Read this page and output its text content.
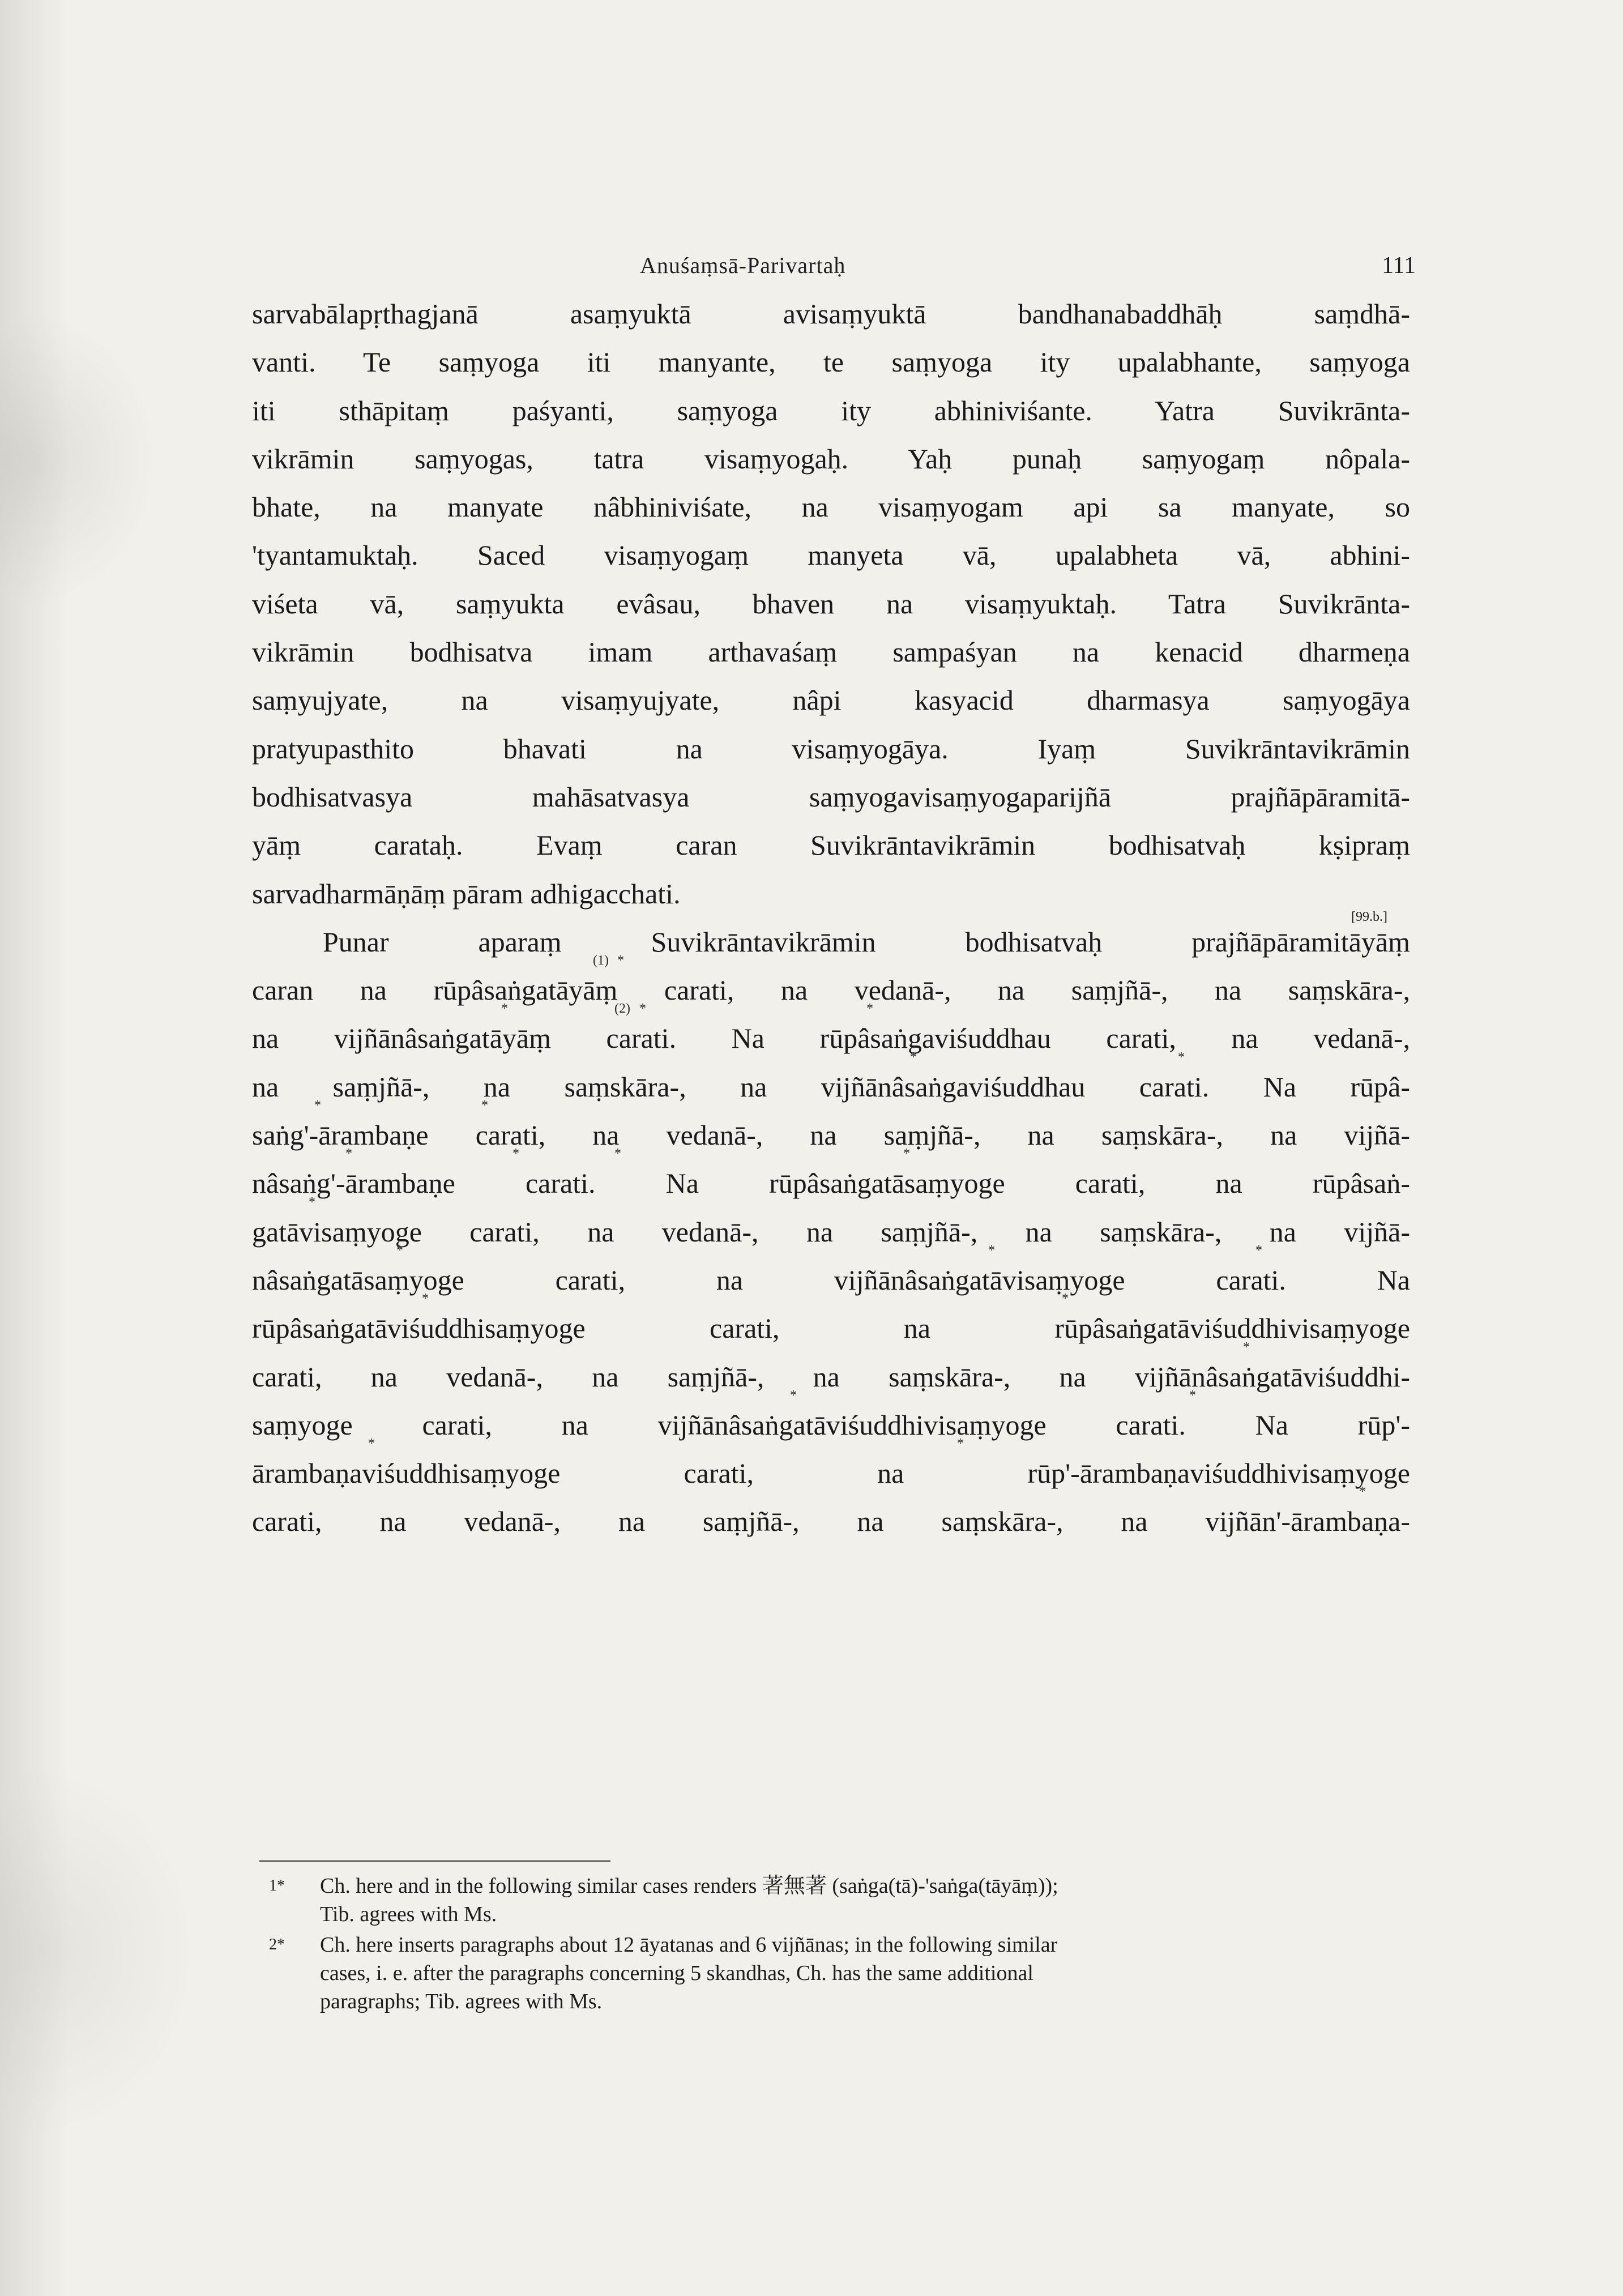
Anuśaṃsā-Parivartaḥ	111
sarvabālapṛthagjanā asaṃyuktā avisaṃyuktā bandhanabaddhāḥ saṃdhā-
vanti. Te saṃyoga iti manyante, te saṃyoga ity upalabhante, saṃyoga
iti sthāpitaṃ paśyanti, saṃyoga ity abhiniviśante. Yatra Suvikrānta-
vikrāmin saṃyogas, tatra visaṃyogaḥ. Yaḥ punaḥ saṃyogaṃ nôpala-
bhate, na manyate nâbhiniviśate, na visaṃyogam api sa manyate, so
'tyantamuktaḥ. Saced visaṃyogaṃ manyeta vā, upalabheta vā, abhini-
viśeta vā, saṃyukta evâsau, bhaven na visaṃyuktaḥ. Tatra Suvikrānta-
vikrāmin bodhisatva imam arthavaśaṃ sampaśyan na kenacid dharmeṇa
saṃyujyate, na visaṃyujyate, nâpi kasyacid dharmasya saṃyogāya
pratyupasthito bhavati na visaṃyogāya. Iyaṃ Suvikrāntavikrāmin
bodhisatvasya mahāsatvasya saṃyogavisaṃyogaparijñā prajñāpāramitā-
yāṃ carataḥ. Evaṃ caran Suvikrāntavikrāmin bodhisatvaḥ kṣipraṃ
sarvadharmāṇāṃ pāram adhigacchati.
[99.b.]
Punar aparaṃ Suvikrāntavikrāmin bodhisatvaḥ prajñāpāramitāyāṃ
(1) *
caran na rūpâsaṅgatāyāṃ carati, na vedanā-, na saṃjñā-, na saṃskāra-,
*	(2) *	*
na vijñānâsaṅgatāyāṃ carati. Na rūpâsaṅgaviśuddhau carati, na vedanā-,
*	*
na saṃjñā-, na saṃskāra-, na vijñānâsaṅgaviśuddhau carati. Na rūpâ-
*	*
saṅg'-ārambaṇe carati, na vedanā-, na saṃjñā-, na saṃskāra-, na vijñā-
*	*	*	*
nâsaṅg'-ārambaṇe carati. Na rūpâsaṅgatāsaṃyoge carati, na rūpâsaṅ-
*
gatāvisaṃyoge carati, na vedanā-, na saṃjñā-, na saṃskāra-, na vijñā-
*	*	*
nâsaṅgatāsaṃyoge carati, na vijñānâsaṅgatāvisaṃyoge carati. Na
*	*
rūpâsaṅgatāviśuddhisaṃyoge carati, na rūpâsaṅgatāviśuddhivisaṃyoge
*
carati, na vedanā-, na saṃjñā-, na saṃskāra-, na vijñānâsaṅgatāviśuddhi-
*	*
saṃyoge carati, na vijñānâsaṅgatāviśuddhivisaṃyoge carati. Na rūp'-
*	*
ārambaṇaviśuddhisaṃyoge carati, na rūp'-ārambaṇaviśuddhivisaṃyoge
*
carati, na vedanā-, na saṃjñā-, na saṃskāra-, na vijñān'-ārambaṇa-
1* Ch. here and in the following similar cases renders 著無著 (saṅga(tā)-'saṅga(tāyāṃ));
Tib. agrees with Ms.
2* Ch. here inserts paragraphs about 12 āyatanas and 6 vijñānas; in the following similar
cases, i. e. after the paragraphs concerning 5 skandhas, Ch. has the same additional
paragraphs; Tib. agrees with Ms.
